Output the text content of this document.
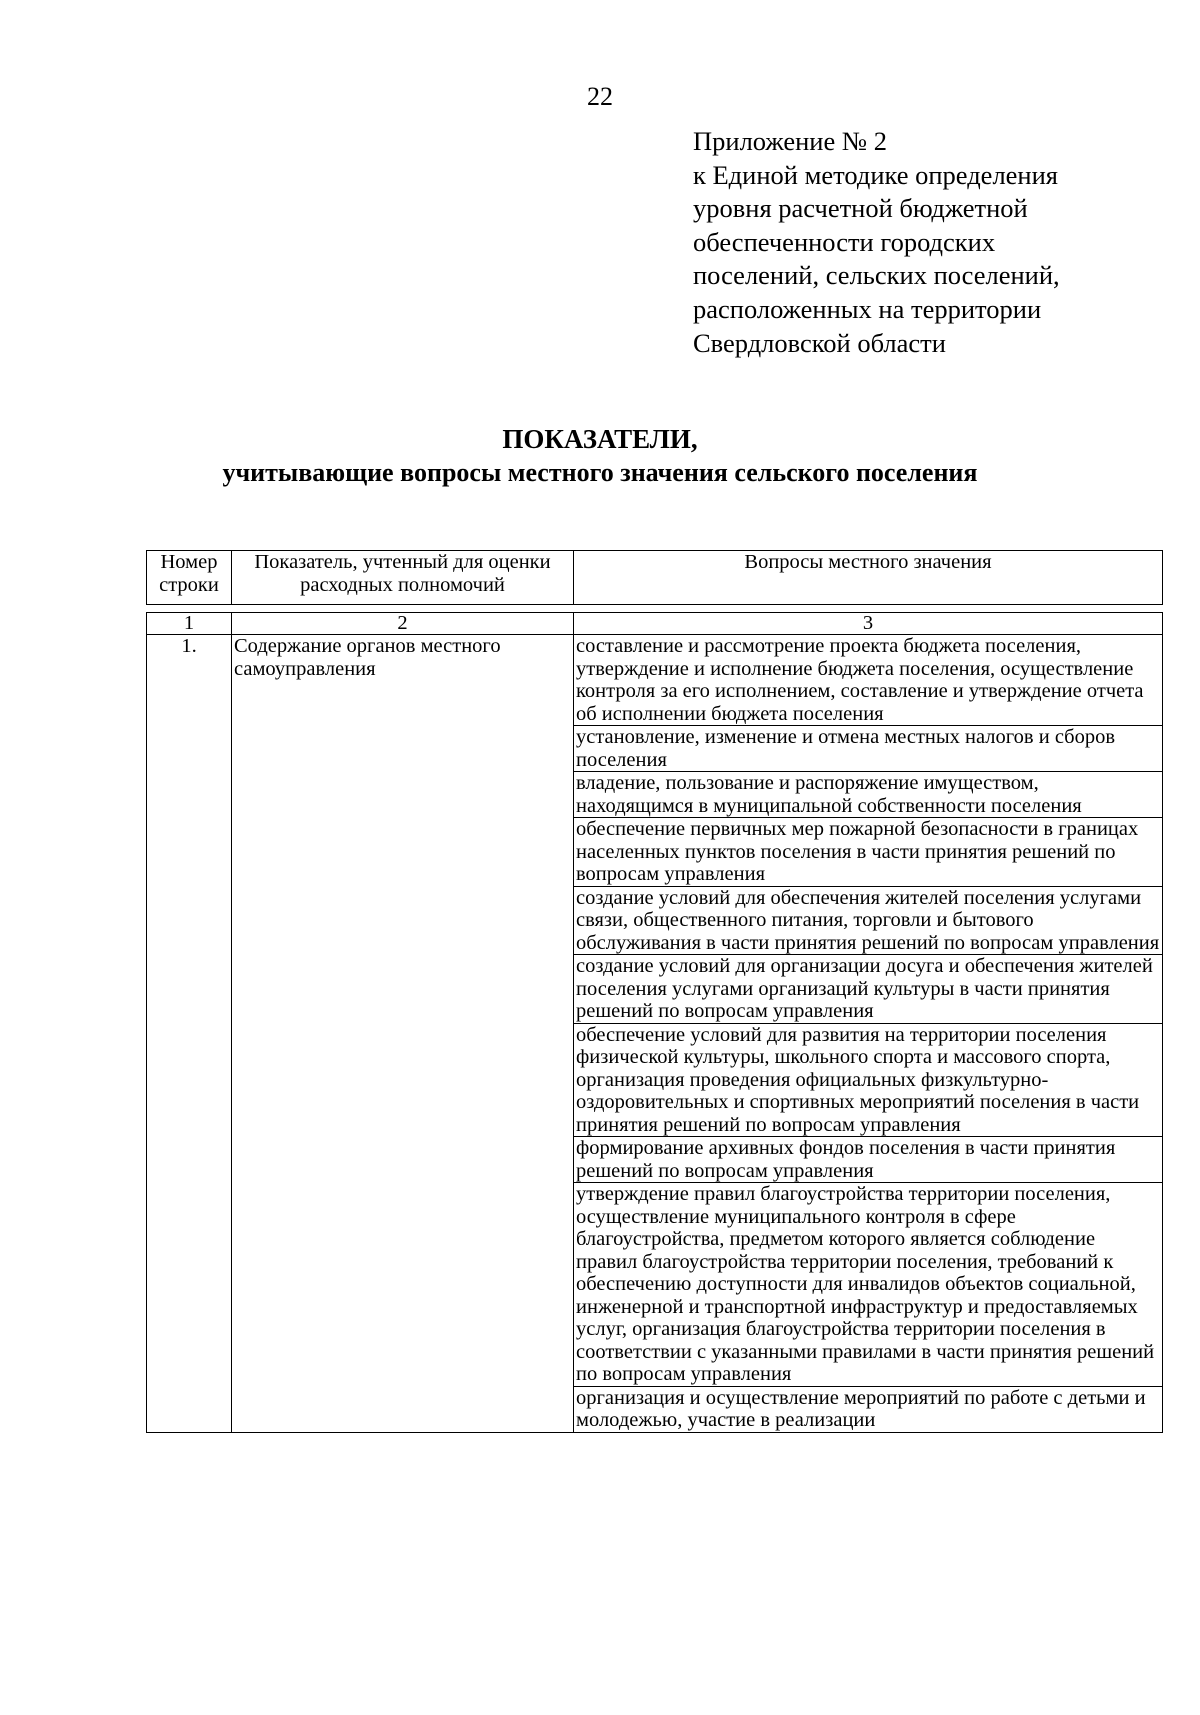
22
Приложение № 2
к Единой методике определения
уровня расчетной бюджетной
обеспеченности городских
поселений, сельских поселений,
расположенных на территории
Свердловской области
ПОКАЗАТЕЛИ,
учитывающие вопросы местного значения сельского поселения
Номер строки	Показатель, учтенный для оценки расходных полномочий	Вопросы местного значения
1	2	3
1.	Содержание органов местного самоуправления	составление и рассмотрение проекта бюджета поселения, утверждение и исполнение бюджета поселения, осуществление контроля за его исполнением, составление и утверждение отчета об исполнении бюджета поселения
		установление, изменение и отмена местных налогов и сборов поселения
		владение, пользование и распоряжение имуществом, находящимся в муниципальной собственности поселения
		обеспечение первичных мер пожарной безопасности в границах населенных пунктов поселения в части принятия решений по вопросам управления
		создание условий для обеспечения жителей поселения услугами связи, общественного питания, торговли и бытового обслуживания в части принятия решений по вопросам управления
		создание условий для организации досуга и обеспечения жителей поселения услугами организаций культуры в части принятия решений по вопросам управления
		обеспечение условий для развития на территории поселения физической культуры, школьного спорта и массового спорта, организация проведения официальных физкультурно-оздоровительных и спортивных мероприятий поселения в части принятия решений по вопросам управления
		формирование архивных фондов поселения в части принятия решений по вопросам управления
		утверждение правил благоустройства территории поселения, осуществление муниципального контроля в сфере благоустройства, предметом которого является соблюдение правил благоустройства территории поселения, требований к обеспечению доступности для инвалидов объектов социальной, инженерной и транспортной инфраструктур и предоставляемых услуг, организация благоустройства территории поселения в соответствии с указанными правилами в части принятия решений по вопросам управления
		организация и осуществление мероприятий по работе с детьми и молодежью, участие в реализации
